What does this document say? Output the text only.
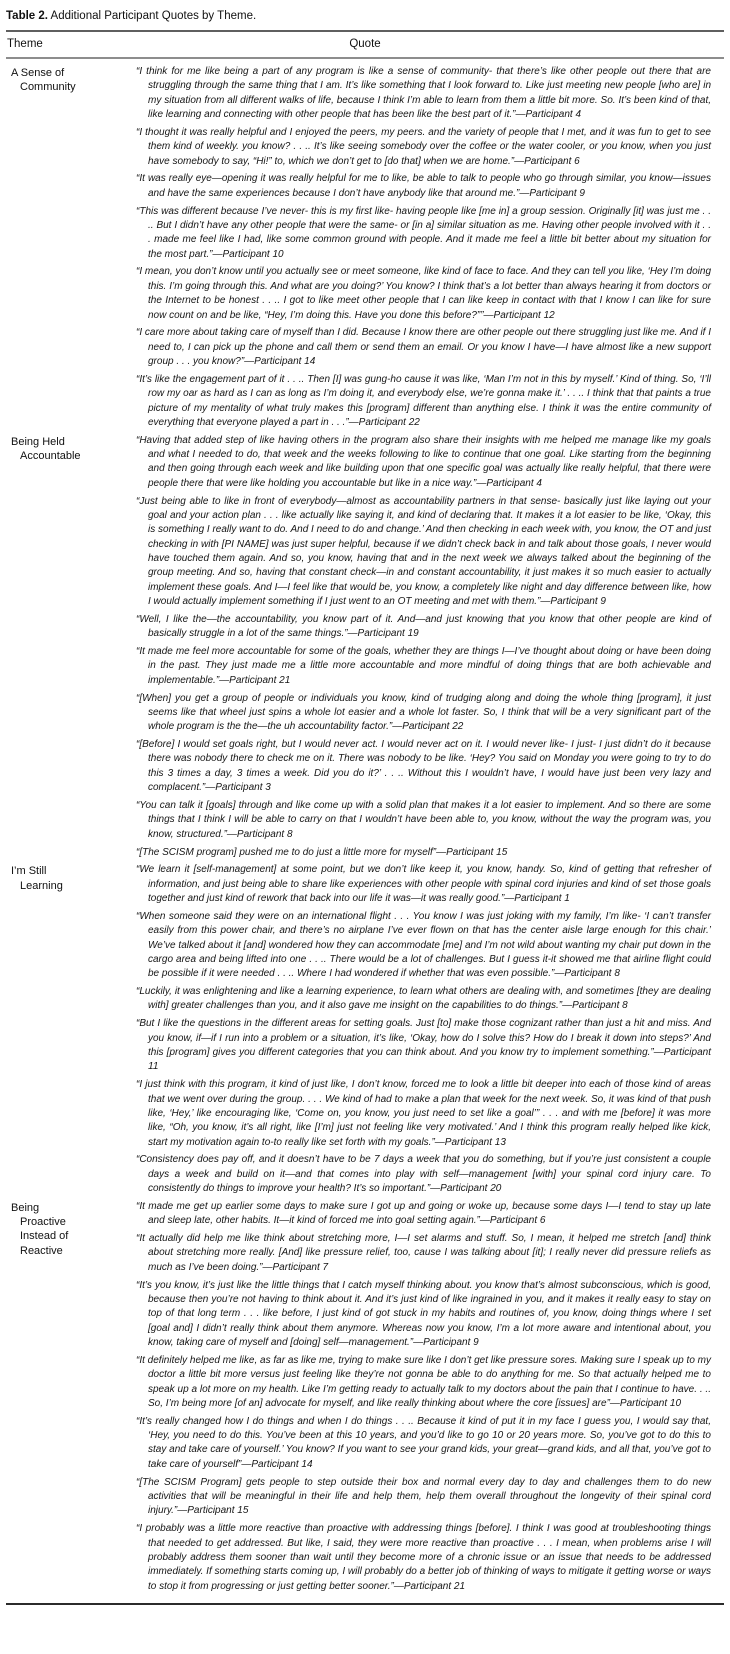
Table 2. Additional Participant Quotes by Theme.
Theme	Quote
A Sense of Community

“I think for me like being a part of any program is like a sense of community- that there’s like other people out there that are struggling through the same thing that I am. It’s like something that I look forward to. Like just meeting new people [who are] in my situation from all different walks of life, because I think I’m able to learn from them a little bit more. So. It’s been kind of that, like learning and connecting with other people that has been like the best part of it.”—Participant 4

“I thought it was really helpful and I enjoyed the peers, my peers. and the variety of people that I met, and it was fun to get to see them kind of weekly. you know? . . .. It’s like seeing somebody over the coffee or the water cooler, or you know, when you just have somebody to say, “Hi!” to, which we don’t get to [do that] when we are home.”—Participant 6

“It was really eye—opening it was really helpful for me to like, be able to talk to people who go through similar, you know—issues and have the same experiences because I don’t have anybody like that around me.”—Participant 9

“This was different because I’ve never- this is my first like- having people like [me in] a group session. Originally [it] was just me . . .. But I didn’t have any other people that were the same- or [in a] similar situation as me. Having other people involved with it . . . made me feel like I had, like some common ground with people. And it made me feel a little bit better about my situation for the most part.”—Participant 10

“I mean, you don’t know until you actually see or meet someone, like kind of face to face. And they can tell you like, ‘Hey I’m doing this. I’m going through this. And what are you doing?’ You know? I think that’s a lot better than always hearing it from doctors or the Internet to be honest . . .. I got to like meet other people that I can like keep in contact with that I know I can like for sure now count on and be like, “Hey, I’m doing this. Have you done this before?””—Participant 12

“I care more about taking care of myself than I did. Because I know there are other people out there struggling just like me. And if I need to, I can pick up the phone and call them or send them an email. Or you know I have—I have almost like a new support group . . . you know?”—Participant 14

“It’s like the engagement part of it . . .. Then [I] was gung-ho cause it was like, ‘Man I’m not in this by myself.’ Kind of thing. So, ‘I’ll row my oar as hard as I can as long as I’m doing it, and everybody else, we’re gonna make it.’ . . .. I think that that paints a true picture of my mentality of what truly makes this [program] different than anything else. I think it was the entire community of everything that everyone played a part in . . .”—Participant 22

Being Held Accountable

“Having that added step of like having others in the program also share their insights with me helped me manage like my goals and what I needed to do, that week and the weeks following to like to continue that one goal. Like starting from the beginning and then going through each week and like building upon that one specific goal was actually like really helpful, that there were people there that were like holding you accountable but like in a nice way.”—Participant 4

“Just being able to like in front of everybody—almost as accountability partners in that sense- basically just like laying out your goal and your action plan . . . like actually like saying it, and kind of declaring that. It makes it a lot easier to be like, ‘Okay, this is something I really want to do. And I need to do and change.’ And then checking in each week with, you know, the OT and just checking in with [PI NAME] was just super helpful, because if we didn’t check back in and talk about those goals, I never would have touched them again. And so, you know, having that and in the next week we always talked about the beginning of the group meeting. And so, having that constant check—in and constant accountability, it just makes it so much easier to actually implement these goals. And I—I feel like that would be, you know, a completely like night and day difference between like, how I would actually implement something if I just went to an OT meeting and met with them.”—Participant 9

“Well, I like the—the accountability, you know part of it. And—and just knowing that you know that other people are kind of basically struggle in a lot of the same things.”—Participant 19

“It made me feel more accountable for some of the goals, whether they are things I—I’ve thought about doing or have been doing in the past. They just made me a little more accountable and more mindful of doing things that are both achievable and implementable.”—Participant 21

“[When] you get a group of people or individuals you know, kind of trudging along and doing the whole thing [program], it just seems like that wheel just spins a whole lot easier and a whole lot faster. So, I think that will be a very significant part of the whole program is the the—the uh accountability factor.”—Participant 22

“[Before] I would set goals right, but I would never act. I would never act on it. I would never like- I just- I just didn’t do it because there was nobody there to check me on it. There was nobody to be like. ‘Hey? You said on Monday you were going to try to do this 3 times a day, 3 times a week. Did you do it?’ . . .. Without this I wouldn’t have, I would have just been very lazy and complacent.”—Participant 3

“You can talk it [goals] through and like come up with a solid plan that makes it a lot easier to implement. And so there are some things that I think I will be able to carry on that I wouldn’t have been able to, you know, without the way the program was, you know, structured.”—Participant 8

“[The SCISM program] pushed me to do just a little more for myself”—Participant 15

I’m Still Learning

“We learn it [self-management] at some point, but we don’t like keep it, you know, handy. So, kind of getting that refresher of information, and just being able to share like experiences with other people with spinal cord injuries and kind of set those goals together and just kind of rework that back into our life it was—it was really good.”—Participant 1

“When someone said they were on an international flight . . . You know I was just joking with my family, I’m like- ‘I can’t transfer easily from this power chair, and there’s no airplane I’ve ever flown on that has the center aisle large enough for this chair.’ We’ve talked about it [and] wondered how they can accommodate [me] and I’m not wild about wanting my chair put down in the cargo area and being lifted into one . . .. There would be a lot of challenges. But I guess it-it showed me that airline flight could be possible if it were needed . . .. Where I had wondered if whether that was even possible.”—Participant 8

“Luckily, it was enlightening and like a learning experience, to learn what others are dealing with, and sometimes [they are dealing with] greater challenges than you, and it also gave me insight on the capabilities to do things.”—Participant 8

“But I like the questions in the different areas for setting goals. Just [to] make those cognizant rather than just a hit and miss. And you know, if—if I run into a problem or a situation, it’s like, ‘Okay, how do I solve this? How do I break it down into steps?’ And this [program] gives you different categories that you can think about. And you know try to implement something.”—Participant 11

“I just think with this program, it kind of just like, I don’t know, forced me to look a little bit deeper into each of those kind of areas that we went over during the group. . . . We kind of had to make a plan that week for the next week. So, it was kind of that push like, ‘Hey,’ like encouraging like, ‘Come on, you know, you just need to set like a goal’” . . . and with me [before] it was more like, “Oh, you know, it’s all right, like [I’m] just not feeling like very motivated.’ And I think this program really helped like kick, start my motivation again to-to really like set forth with my goals.”—Participant 13

“Consistency does pay off, and it doesn’t have to be 7 days a week that you do something, but if you’re just consistent a couple days a week and build on it—and that comes into play with self—management [with] your spinal cord injury care. To consistently do things to improve your health? It’s so important.”—Participant 20

Being Proactive Instead of Reactive

“It made me get up earlier some days to make sure I got up and going or woke up, because some days I—I tend to stay up late and sleep late, other habits. It—it kind of forced me into goal setting again.”—Participant 6

“It actually did help me like think about stretching more, I—I set alarms and stuff. So, I mean, it helped me stretch [and] think about stretching more really. [And] like pressure relief, too, cause I was talking about [it]; I really never did pressure reliefs as much as I’ve been doing.”—Participant 7

“It’s you know, it’s just like the little things that I catch myself thinking about. you know that’s almost subconscious, which is good, because then you’re not having to think about it. And it’s just kind of like ingrained in you, and it makes it really easy to stay on top of that long term . . . like before, I just kind of got stuck in my habits and routines of, you know, doing things where I set [goal and] I didn’t really think about them anymore. Whereas now you know, I’m a lot more aware and intentional about, you know, taking care of myself and [doing] self—management.”—Participant 9

“It definitely helped me like, as far as like me, trying to make sure like I don’t get like pressure sores. Making sure I speak up to my doctor a little bit more versus just feeling like they’re not gonna be able to do anything for me. So that actually helped me to speak up a lot more on my health. Like I’m getting ready to actually talk to my doctors about the pain that I continue to have. . .. So, I’m being more [of an] advocate for myself, and like really thinking about where the core [issues] are”—Participant 10

“It’s really changed how I do things and when I do things . . .. Because it kind of put it in my face I guess you, I would say that, ‘Hey, you need to do this. You’ve been at this 10 years, and you’d like to go 10 or 20 years more. So, you’ve got to do this to stay and take care of yourself.’ You know? If you want to see your grand kids, your great—grand kids, and all that, you’ve got to take care of yourself”—Participant 14

“[The SCISM Program] gets people to step outside their box and normal every day to day and challenges them to do new activities that will be meaningful in their life and help them, help them overall throughout the longevity of their spinal cord injury.”—Participant 15

“I probably was a little more reactive than proactive with addressing things [before]. I think I was good at troubleshooting things that needed to get addressed. But like, I said, they were more reactive than proactive . . . I mean, when problems arise I will probably address them sooner than wait until they become more of a chronic issue or an issue that needs to be addressed immediately. If something starts coming up, I will probably do a better job of thinking of ways to mitigate it getting worse or ways to stop it from progressing or just getting better sooner.”—Participant 21
